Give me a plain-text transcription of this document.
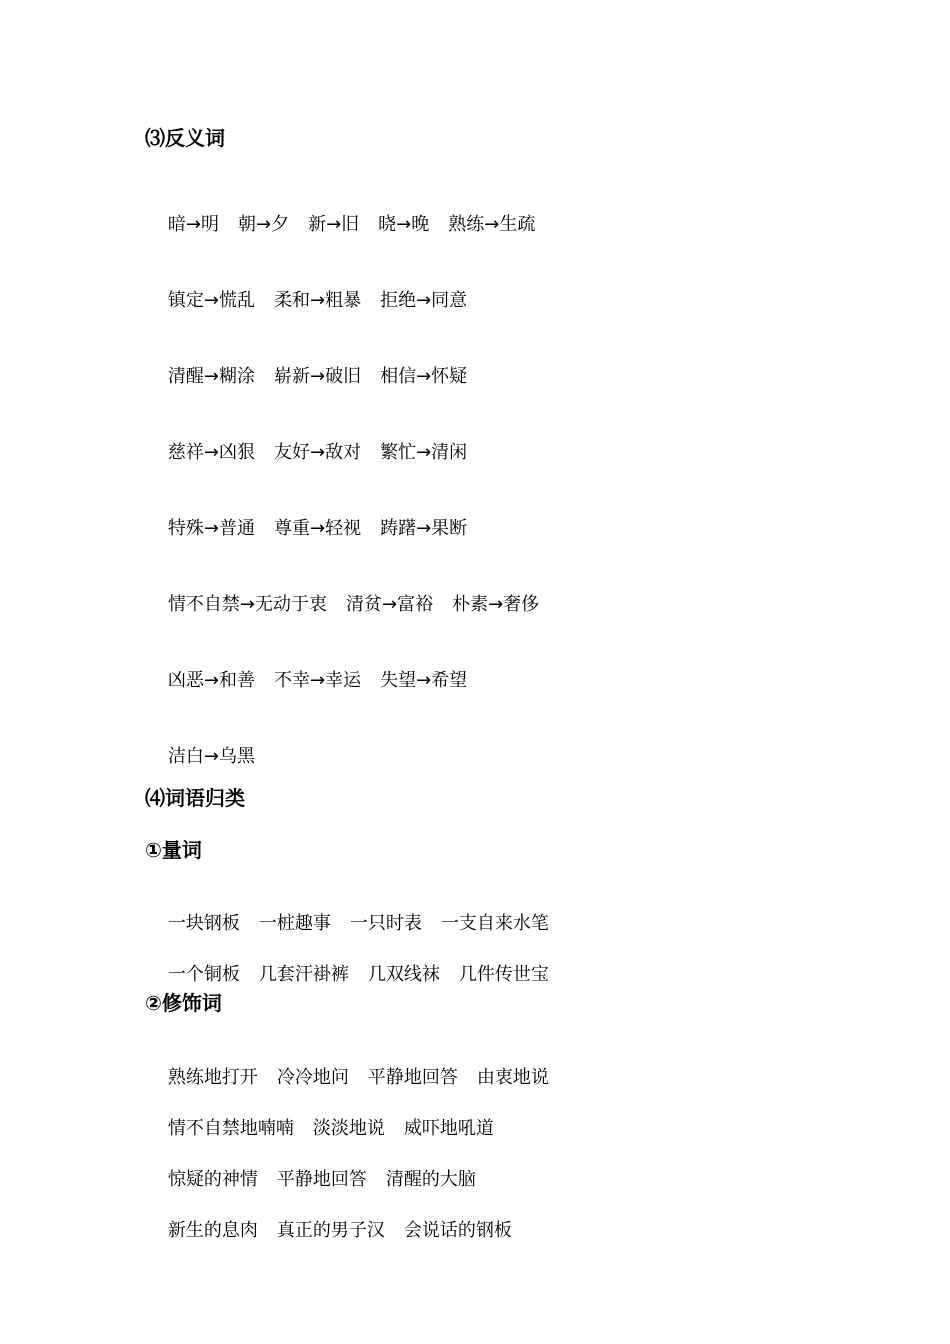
⑶反义词

暗→明 朝→夕 新→旧 晓→晚 熟练→生疏

镇定→慌乱 柔和→粗暴 拒绝→同意

清醒→糊涂 崭新→破旧 相信→怀疑

慈祥→凶狠 友好→敌对 繁忙→清闲

特殊→普通 尊重→轻视 踌躇→果断

情不自禁→无动于衷 清贫→富裕 朴素→奢侈

凶恶→和善 不幸→幸运 失望→希望

洁白→乌黑

⑷词语归类
①量词

一块钢板 一桩趣事 一只时表 一支自来水笔

一个铜板 几套汗褂裤 几双线袜 几件传世宝

②修饰词

熟练地打开 冷冷地问 平静地回答 由衷地说

情不自禁地喃喃 淡淡地说 威吓地吼道

惊疑的神情 平静地回答 清醒的大脑

新生的息肉 真正的男子汉 会说话的钢板
